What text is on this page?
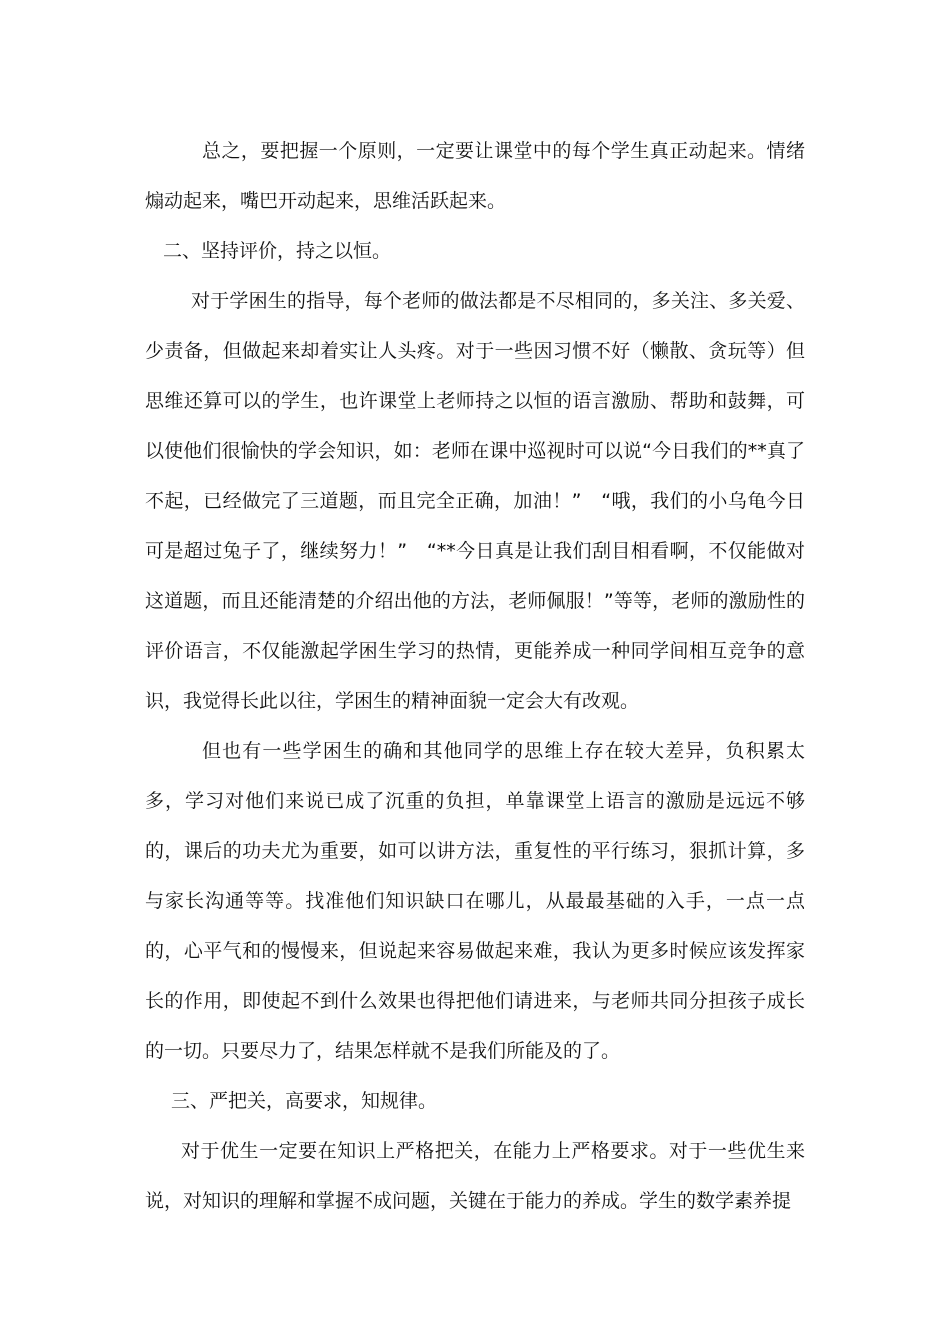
总之，要把握一个原则，一定要让课堂中的每个学生真正动起来。情绪煽动起来，嘴巴开动起来，思维活跃起来。

二、坚持评价，持之以恒。

对于学困生的指导，每个老师的做法都是不尽相同的，多关注、多关爱、少责备，但做起来却着实让人头疼。对于一些因习惯不好（懒散、贪玩等）但思维还算可以的学生，也许课堂上老师持之以恒的语言激励、帮助和鼓舞，可以使他们很愉快的学会知识，如：老师在课中巡视时可以说“今日我们的**真了不起，已经做完了三道题，而且完全正确，加油！”　“哦，我们的小乌龟今日可是超过兔子了，继续努力！”　“**今日真是让我们刮目相看啊，不仅能做对这道题，而且还能清楚的介绍出他的方法，老师佩服！”等等，老师的激励性的评价语言，不仅能激起学困生学习的热情，更能养成一种同学间相互竞争的意识，我觉得长此以往，学困生的精神面貌一定会大有改观。

但也有一些学困生的确和其他同学的思维上存在较大差异，负积累太多，学习对他们来说已成了沉重的负担，单靠课堂上语言的激励是远远不够的，课后的功夫尤为重要，如可以讲方法，重复性的平行练习，狠抓计算，多与家长沟通等等。找准他们知识缺口在哪儿，从最最基础的入手，一点一点的，心平气和的慢慢来，但说起来容易做起来难，我认为更多时候应该发挥家长的作用，即使起不到什么效果也得把他们请进来，与老师共同分担孩子成长的一切。只要尽力了，结果怎样就不是我们所能及的了。

三、严把关，高要求，知规律。

对于优生一定要在知识上严格把关，在能力上严格要求。对于一些优生来说，对知识的理解和掌握不成问题，关键在于能力的养成。学生的数学素养提
